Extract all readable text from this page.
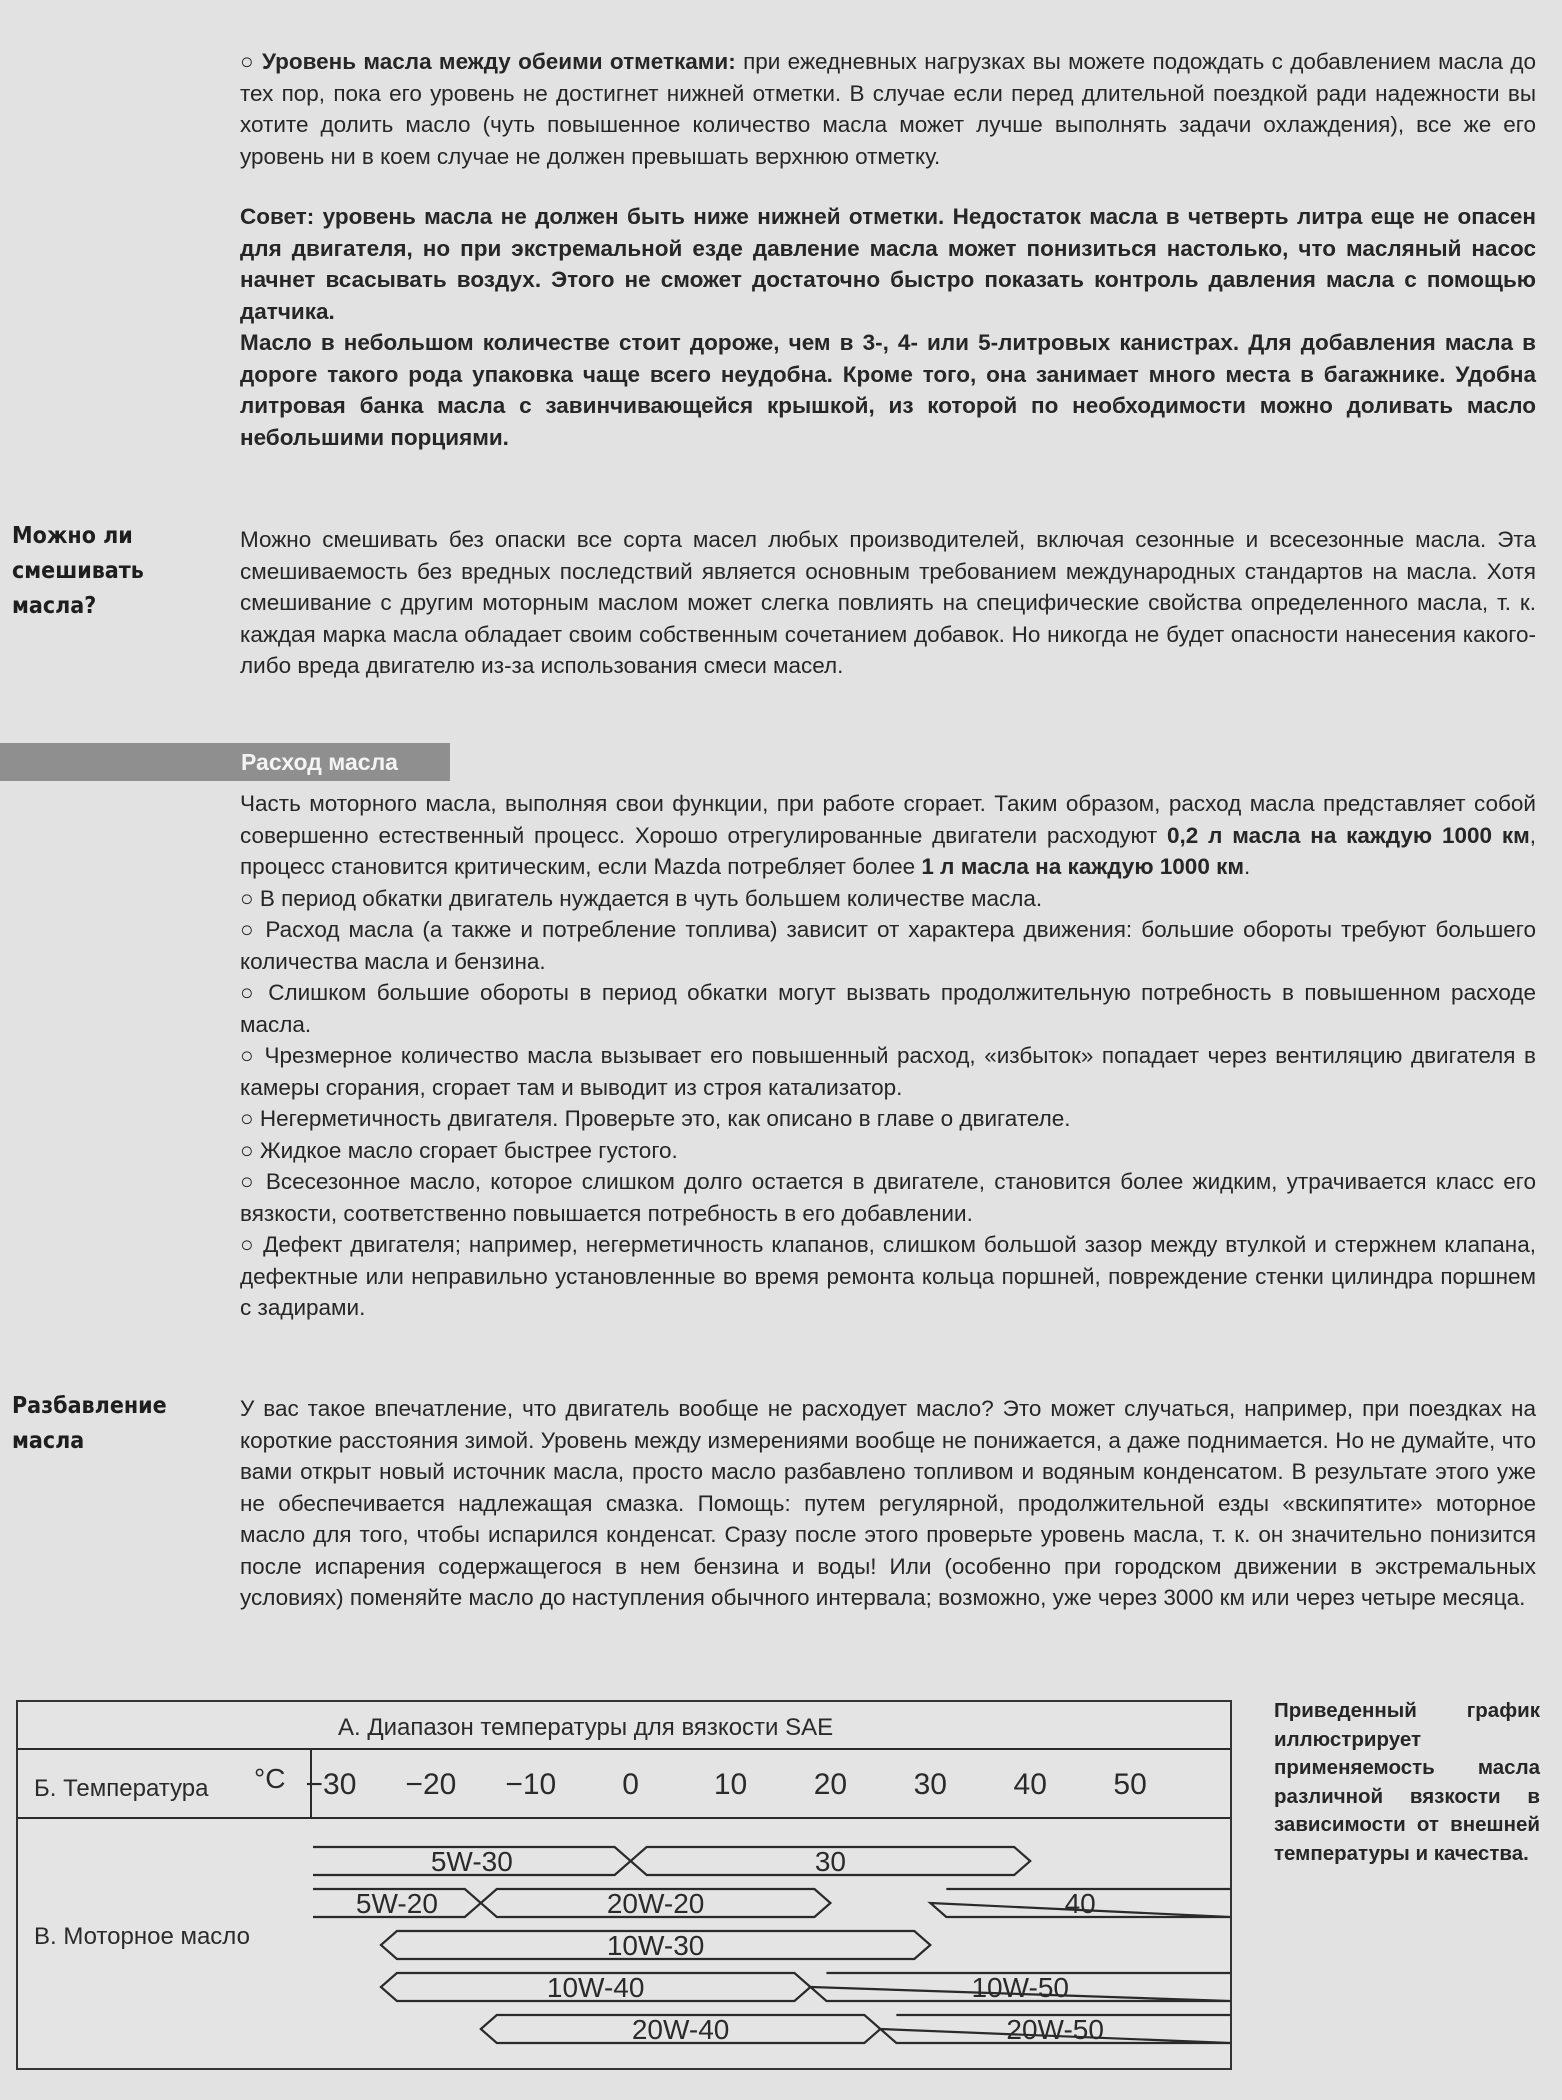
○ Уровень масла между обеими отметками: при ежедневных нагрузках вы можете подождать с добавлением масла до тех пор, пока его уровень не достигнет нижней отметки. В случае если перед длительной поездкой ради надежности вы хотите долить масло (чуть повышенное количество масла может лучше выполнять задачи охлаждения), все же его уровень ни в коем случае не должен превышать верхнюю отметку.

Совет: уровень масла не должен быть ниже нижней отметки. Недостаток масла в четверть литра еще не опасен для двигателя, но при экстремальной езде давление масла может понизиться настолько, что масляный насос начнет всасывать воздух. Этого не сможет достаточно быстро показать контроль давления масла с помощью датчика.

Масло в небольшом количестве стоит дороже, чем в 3-, 4- или 5-литровых канистрах. Для добавления масла в дороге такого рода упаковка чаще всего неудобна. Кроме того, она занимает много места в багажнике. Удобна литровая банка масла с завинчивающейся крышкой, из которой по необходимости можно доливать масло небольшими порциями.

Можно ли смешивать масла?

Можно смешивать без опаски все сорта масел любых производителей, включая сезонные и всесезонные масла. Эта смешиваемость без вредных последствий является основным требованием международных стандартов на масла. Хотя смешивание с другим моторным маслом может слегка повлиять на специфические свойства определенного масла, т. к. каждая марка масла обладает своим собственным сочетанием добавок. Но никогда не будет опасности нанесения какого-либо вреда двигателю из-за использования смеси масел.

Расход масла

Часть моторного масла, выполняя свои функции, при работе сгорает. Таким образом, расход масла представляет собой совершенно естественный процесс. Хорошо отрегулированные двигатели расходуют 0,2 л масла на каждую 1000 км, процесс становится критическим, если Mazda потребляет более 1 л масла на каждую 1000 км.

○ В период обкатки двигатель нуждается в чуть большем количестве масла.

○ Расход масла (а также и потребление топлива) зависит от характера движения: большие обороты требуют большего количества масла и бензина.

○ Слишком большие обороты в период обкатки могут вызвать продолжительную потребность в повышенном расходе масла.

○ Чрезмерное количество масла вызывает его повышенный расход, «избыток» попадает через вентиляцию двигателя в камеры сгорания, сгорает там и выводит из строя катализатор.

○ Негерметичность двигателя. Проверьте это, как описано в главе о двигателе.

○ Жидкое масло сгорает быстрее густого.

○ Всесезонное масло, которое слишком долго остается в двигателе, становится более жидким, утрачивается класс его вязкости, соответственно повышается потребность в его добавлении.

○ Дефект двигателя; например, негерметичность клапанов, слишком большой зазор между втулкой и стержнем клапана, дефектные или неправильно установленные во время ремонта кольца поршней, повреждение стенки цилиндра поршнем с задирами.

Разбавление масла

У вас такое впечатление, что двигатель вообще не расходует масло? Это может случаться, например, при поездках на короткие расстояния зимой. Уровень между измерениями вообще не понижается, а даже поднимается. Но не думайте, что вами открыт новый источник масла, просто масло разбавлено топливом и водяным конденсатом. В результате этого уже не обеспечивается надлежащая смазка. Помощь: путем регулярной, продолжительной езды «вскипятите» моторное масло для того, чтобы испарился конденсат. Сразу после этого проверьте уровень масла, т. к. он значительно понизится после испарения содержащегося в нем бензина и воды! Или (особенно при городском движении в экстремальных условиях) поменяйте масло до наступления обычного интервала; возможно, уже через 3000 км или через четыре месяца.

А. Диапазон температуры для вязкости SAE
Б. Температура °C
В. Моторное масло
−30 −20 −10 0 10 20 30 40 50
5W-30	30
5W-20	20W-20	40
10W-30
10W-40	10W-50
20W-40	20W-50
Приведенный график иллюстрирует применяемость масла различной вязкости в зависимости от внешней температуры и качества.
